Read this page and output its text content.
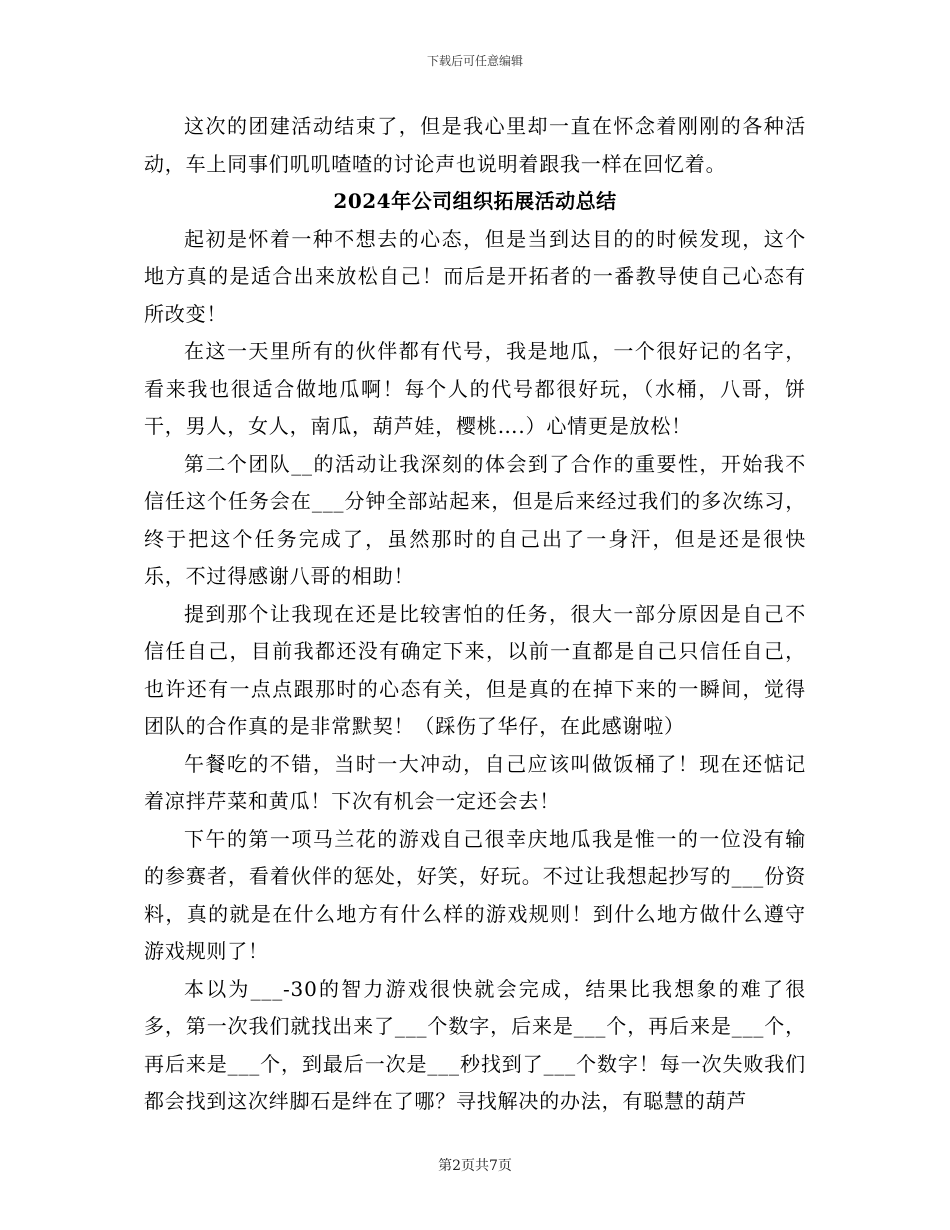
下载后可任意编辑

这次的团建活动结束了，但是我心里却一直在怀念着刚刚的各种活动，车上同事们叽叽喳喳的讨论声也说明着跟我一样在回忆着。

2024年公司组织拓展活动总结

起初是怀着一种不想去的心态，但是当到达目的的时候发现，这个地方真的是适合出来放松自己！而后是开拓者的一番教导使自己心态有所改变！

在这一天里所有的伙伴都有代号，我是地瓜，一个很好记的名字，看来我也很适合做地瓜啊！每个人的代号都很好玩，（水桶，八哥，饼干，男人，女人，南瓜，葫芦娃，樱桃….）心情更是放松！

第二个团队__的活动让我深刻的体会到了合作的重要性，开始我不信任这个任务会在___分钟全部站起来，但是后来经过我们的多次练习，终于把这个任务完成了，虽然那时的自己出了一身汗，但是还是很快乐，不过得感谢八哥的相助！

提到那个让我现在还是比较害怕的任务，很大一部分原因是自己不信任自己，目前我都还没有确定下来，以前一直都是自己只信任自己，也许还有一点点跟那时的心态有关，但是真的在掉下来的一瞬间，觉得团队的合作真的是非常默契！（踩伤了华仔，在此感谢啦）

午餐吃的不错，当时一大冲动，自己应该叫做饭桶了！现在还惦记着凉拌芹菜和黄瓜！下次有机会一定还会去！

下午的第一项马兰花的游戏自己很幸庆地瓜我是惟一的一位没有输的参赛者，看着伙伴的惩处，好笑，好玩。不过让我想起抄写的___份资料，真的就是在什么地方有什么样的游戏规则！到什么地方做什么遵守游戏规则了！

本以为___-30的智力游戏很快就会完成，结果比我想象的难了很多，第一次我们就找出来了___个数字，后来是___个，再后来是___个，再后来是___个，到最后一次是___秒找到了___个数字！每一次失败我们都会找到这次绊脚石是绊在了哪？寻找解决的办法，有聪慧的葫芦

第2页共7页
